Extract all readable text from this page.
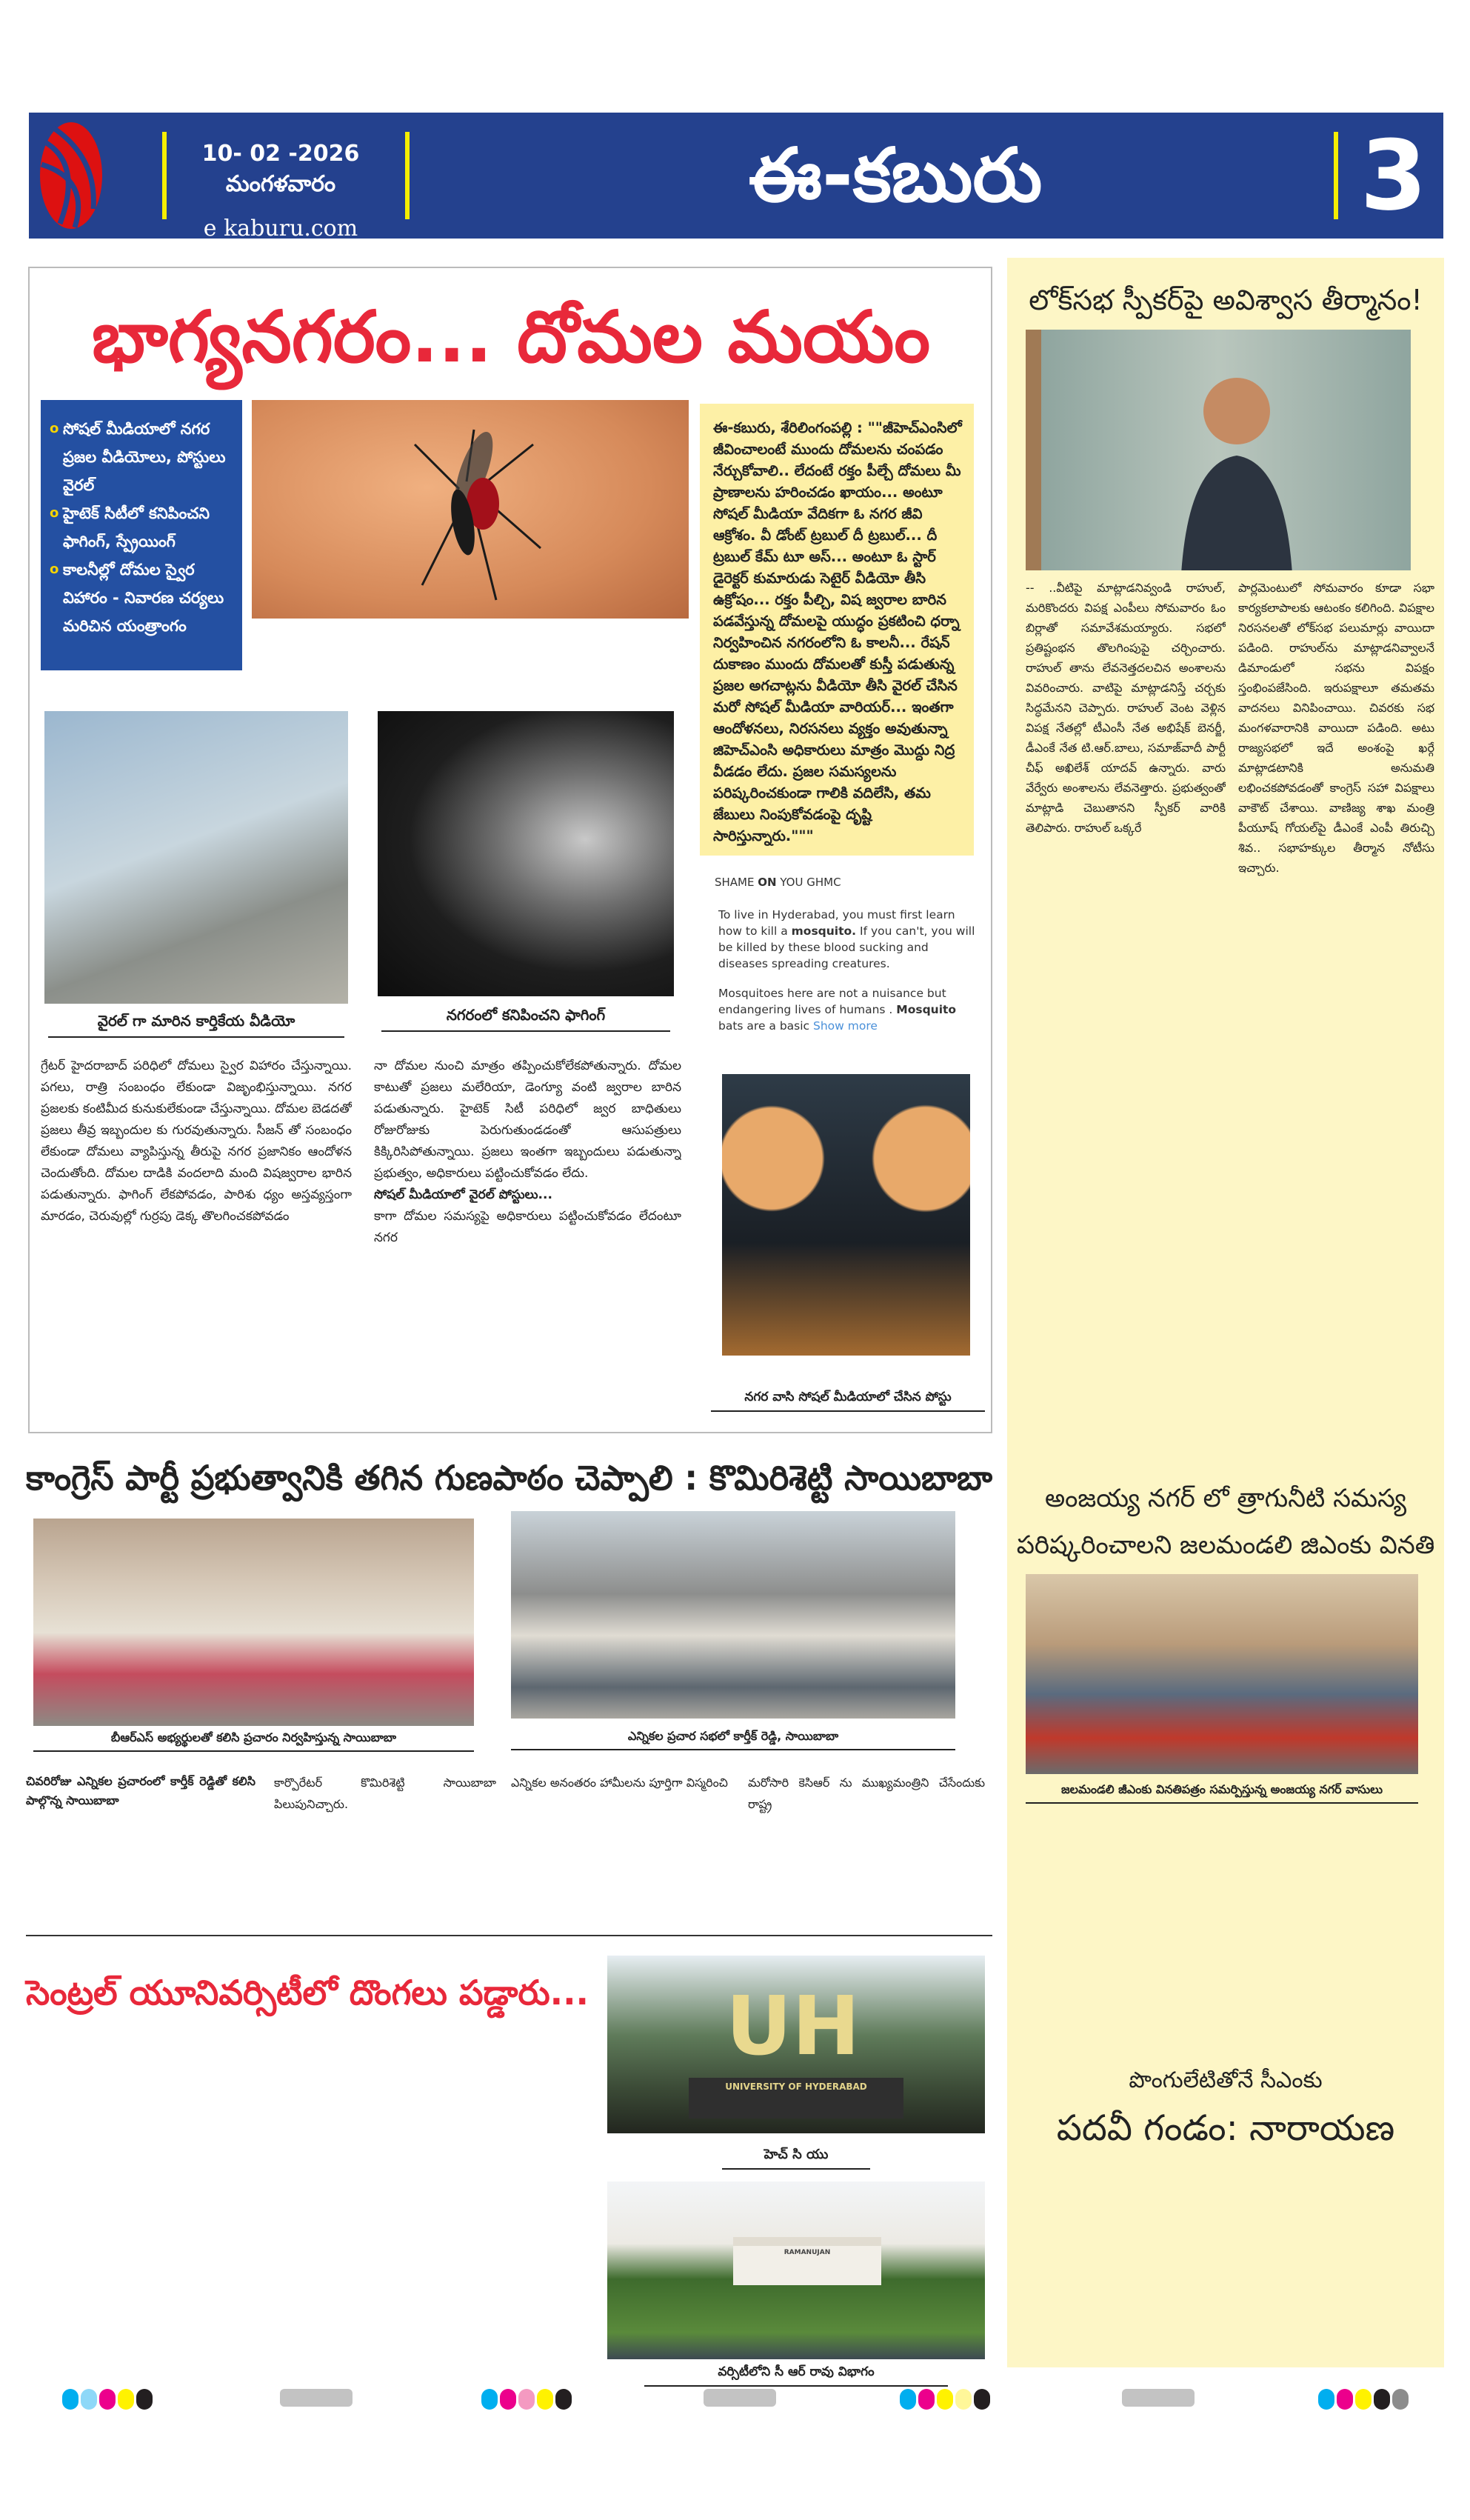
10- 02 -2026
మంగళవారం
e kaburu.com
ఈ-కబురు	3
భాగ్యనగరం... దోమల మయం
o సోషల్ మీడియాలో నగర ప్రజల వీడియోలు, పోస్టులు వైరల్
o హైటెక్ సిటీలో కనిపించని ఫాగింగ్, స్ప్రేయింగ్
o కాలనీల్లో దోమల స్వైర విహారం - నివారణ చర్యలు మరిచిన యంత్రాంగం
ఈ-కబురు, శేరిలింగంపల్లి : ""జీహెచ్ఎంసిలో జీవించాలంటే ముందు దోమలను చంపడం నేర్చుకోవాలి.. లేదంటే రక్తం పీల్చే దోమలు మీ ప్రాణాలను హరించడం ఖాయం... అంటూ సోషల్ మీడియా వేదికగా ఓ నగర జీవి ఆక్రోశం. వీ డోంట్ ట్రబుల్ దీ ట్రబుల్... దీ ట్రబుల్ కేమ్ టూ అస్... అంటూ ఓ స్టార్ డైరెక్టర్ కుమారుడు సెటైర్ వీడియో తీసి ఉక్రోషం... రక్తం పీల్చి, విష జ్వరాల బారిన పడవేస్తున్న దోమలపై యుద్ధం ప్రకటించి ధర్నా నిర్వహించిన నగరంలోని ఓ కాలనీ... రేషన్ దుకాణం ముందు దోమలతో కుస్తీ పడుతున్న ప్రజల అగచాట్లను వీడియో తీసి వైరల్ చేసిన మరో సోషల్ మీడియా వారియర్... ఇంతగా ఆందోళనలు, నిరసనలు వ్యక్తం అవుతున్నా జిహెచ్ఎంసి అధికారులు మాత్రం మొద్దు నిద్ర వీడడం లేదు. ప్రజల సమస్యలను పరిష్కరించకుండా గాలికి వదిలేసి, తమ జేబులు నింపుకోవడంపై దృష్టి సారిస్తున్నారు."""
వైరల్ గా మారిన కార్తికేయ వీడియో	నగరంలో కనిపించని ఫాగింగ్
SHAME ON YOU GHMC

To live in Hyderabad, you must first learn how to kill a mosquito. If you can't, you will be killed by these blood sucking and diseases spreading creatures.

Mosquitoes here are not a nuisance but endangering lives of humans . Mosquito bats are a basic Show more

నగర వాసి సోషల్ మీడియాలో చేసిన పోస్టు
గ్రేటర్ హైదరాబాద్ పరిధిలో దోమలు స్వైర విహారం చేస్తున్నాయి. పగలు, రాత్రి సంబంధం లేకుండా విజృంభిస్తున్నాయి. నగర ప్రజలకు కంటిమీద కునుకులేకుండా చేస్తున్నాయి. దోమల బెడదతో ప్రజలు తీవ్ర ఇబ్బందుల కు గురవుతున్నారు. సీజన్ తో సంబంధం లేకుండా దోమలు వ్యాపిస్తున్న తీరుపై నగర ప్రజానికం ఆందోళన చెందుతోంది. దోమల దాడికి వందలాది మంది విషజ్వరాల భారిన పడుతున్నారు. ఫాగింగ్ లేకపోవడం, పారిశు ధ్యం అస్తవ్యస్తంగా మారడం, చెరువుల్లో గుర్రపు డెక్క తొలగించకపోవడం
నా దోమల నుంచి మాత్రం తప్పించుకోలేకపోతున్నారు. దోమల కాటుతో ప్రజలు మలేరియా, డెంగ్యూ వంటి జ్వరాల బారిన పడుతున్నారు. హైటెక్ సిటీ పరిధిలో జ్వర బాధితులు రోజురోజుకు పెరుగుతుండడంతో ఆసుపత్రులు కిక్కిరిసిపోతున్నాయి. ప్రజలు ఇంతగా ఇబ్బందులు పడుతున్నా ప్రభుత్వం, అధికారులు పట్టించుకోవడం లేదు.
సోషల్ మీడియాలో వైరల్ పోస్టులు...
కాగా దోమల సమస్యపై అధికారులు పట్టించుకోవడం లేదంటూ నగర
కాంగ్రెస్ పార్టీ ప్రభుత్వానికి తగిన గుణపాఠం చెప్పాలి : కొమిరిశెట్టి సాయిబాబా
బీఆర్ఎస్ అభ్యర్థులతో కలిసి ప్రచారం నిర్వహిస్తున్న సాయిబాబా	ఎన్నికల ప్రచార సభలో కార్తీక్ రెడ్డి, సాయిబాబా
చివరిరోజు ఎన్నికల ప్రచారంలో కార్తీక్ రెడ్డితో కలిసి పాల్గొన్న సాయిబాబా
కార్పొరేటర్ కొమిరిశెట్టి సాయిబాబా పిలుపునిచ్చారు.
ఎన్నికల అనంతరం హామీలను పూర్తిగా విస్మరించి	మరోసారి కెసిఆర్ ను ముఖ్యమంత్రిని చేసేందుకు రాష్ట్ర
సెంట్రల్ యూనివర్సిటీలో దొంగలు పడ్డారు... UH
UNIVERSITY OF HYDERABAD
హెచ్ సి యు
RAMANUJAN
వర్సిటీలోని సీ ఆర్ రావు విభాగం
లోక్‌సభ స్పీకర్‌పై అవిశ్వాస తీర్మానం!
-- ..వీటిపై మాట్లాడనివ్వండి రాహుల్, మరికొందరు విపక్ష ఎంపీలు సోమవారం ఓం బిర్లాతో సమావేశమయ్యారు. సభలో ప్రతిష్టంభన తొలగింపుపై చర్చించారు. రాహుల్ తాను లేవనెత్తదలచిన అంశాలను వివరించారు. వాటిపై మాట్లాడనిస్తే చర్చకు సిద్ధమేనని చెప్పారు. రాహుల్ వెంట వెళ్లిన విపక్ష నేతల్లో టీఎంసీ నేత అభిషేక్ బెనర్జీ, డీఎంకే నేత టి.ఆర్.బాలు, సమాజ్‌వాదీ పార్టీ చీఫ్ అఖిలేశ్ యాదవ్ ఉన్నారు. వారు వేర్వేరు అంశాలను లేవనెత్తారు. ప్రభుత్వంతో మాట్లాడి చెబుతానని స్పీకర్ వారికి తెలిపారు. రాహుల్ ఒక్కరే
పార్లమెంటులో సోమవారం కూడా సభా కార్యకలాపాలకు ఆటంకం కలిగింది. విపక్షాల నిరసనలతో లోక్‌సభ పలుమార్లు వాయిదా పడింది. రాహుల్‌ను మాట్లాడనివ్వాలనే డిమాండులో సభను విపక్షం స్తంభింపజేసింది. ఇరుపక్షాలూ తమతమ వాదనలు వినిపించాయి. చివరకు సభ మంగళవారానికి వాయిదా పడింది. అటు రాజ్యసభలో ఇదే అంశంపై ఖర్గే మాట్లాడటానికి అనుమతి లభించకపోవడంతో కాంగ్రెస్ సహా విపక్షాలు వాకౌట్ చేశాయి. వాణిజ్య శాఖ మంత్రి పీయూష్ గోయల్‌పై డీఎంకే ఎంపీ తిరుచ్చి శివ.. సభాహక్కుల తీర్మాన నోటీసు ఇచ్చారు.
అంజయ్య నగర్ లో త్రాగునీటి సమస్య
పరిష్కరించాలని జలమండలి జిఎంకు వినతి
జలమండలి జీఎంకు వినతిపత్రం సమర్పిస్తున్న అంజయ్య నగర్ వాసులు
పొంగులేటితోనే సీఎంకు
పదవీ గండం: నారాయణ
